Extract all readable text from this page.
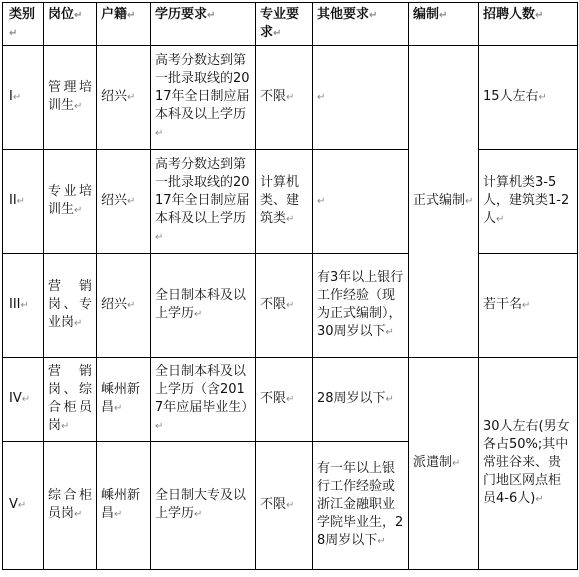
类别↵	岗位↵	户籍↵	学历要求↵	专业要求↵	其他要求↵	编制↵	招聘人数↵
I↵	管理培训生↵	绍兴↵	高考分数达到第一批录取线的2017年全日制应届本科及以上学历↵	不限↵	↵	正式编制↵	15人左右↵
II↵	专业培训生↵	绍兴↵	高考分数达到第一批录取线的2017年全日制应届本科及以上学历↵	计算机类、建筑类↵	↵		计算机类3-5人，建筑类1-2人↵
III↵	营销岗、专业岗↵	绍兴↵	全日制本科及以上学历↵	不限↵	有3年以上银行工作经验（现为正式编制），30周岁以下↵		若干名↵
IV↵	营销岗、综合柜员岗↵	嵊州新昌↵	全日制本科及以上学历（含2017年应届毕业生）↵	不限↵	28周岁以下↵	派遣制↵	30人左右(男女各占50%;其中常驻谷来、贵门地区网点柜员4-6人)↵
V↵	综合柜员岗↵	嵊州新昌↵	全日制大专及以上学历↵	不限↵	有一年以上银行工作经验或浙江金融职业学院毕业生，28周岁以下↵		
